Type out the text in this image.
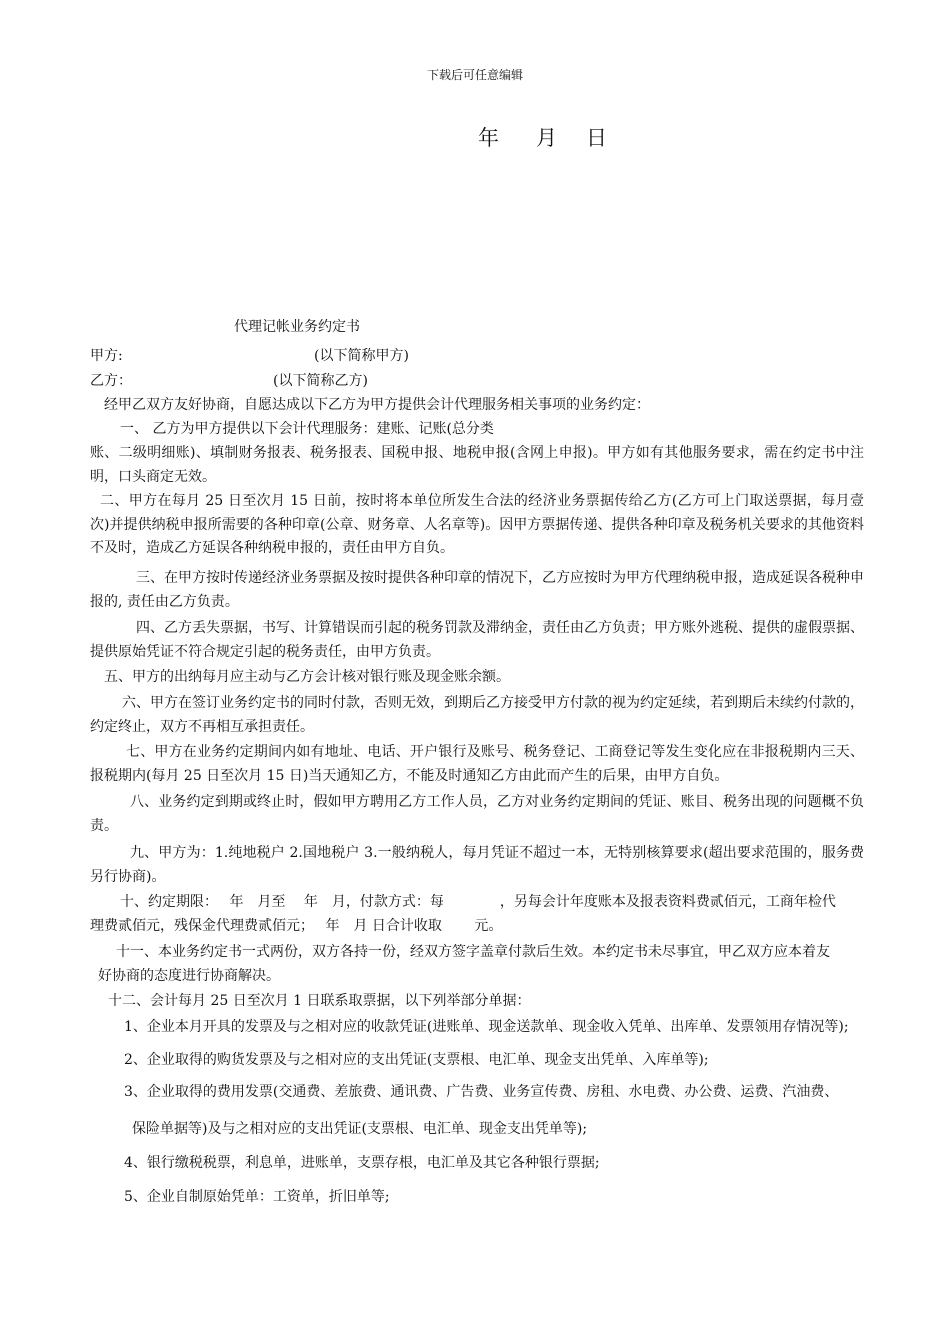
下载后可任意编辑
年 月 日
代理记帐业务约定书
甲方:	(以下简称甲方)
乙方：	(以下简称乙方)
经甲乙双方友好协商，自愿达成以下乙方为甲方提供会计代理服务相关事项的业务约定：
一、 乙方为甲方提供以下会计代理服务：建账、记账(总分类
账、二级明细账)、填制财务报表、税务报表、国税申报、地税申报(含网上申报)。甲方如有其他服务要求，需在约定书中注明，口头商定无效。
二、甲方在每月 25 日至次月 15 日前，按时将本单位所发生合法的经济业务票据传给乙方(乙方可上门取送票据，每月壹次)并提供纳税申报所需要的各种印章(公章、财务章、人名章等)。因甲方票据传递、提供各种印章及税务机关要求的其他资料不及时，造成乙方延误各种纳税申报的，责任由甲方自负。
三、在甲方按时传递经济业务票据及按时提供各种印章的情况下，乙方应按时为甲方代理纳税申报，造成延误各税种申报的, 责任由乙方负责。
四、乙方丢失票据，书写、计算错误而引起的税务罚款及滞纳金，责任由乙方负责；甲方账外逃税、提供的虚假票据、提供原始凭证不符合规定引起的税务责任，由甲方负责。
五、甲方的出纳每月应主动与乙方会计核对银行账及现金账余额。
六、甲方在签订业务约定书的同时付款，否则无效，到期后乙方接受甲方付款的视为约定延续，若到期后未续约付款的，约定终止，双方不再相互承担责任。
七、甲方在业务约定期间内如有地址、电话、开户银行及账号、税务登记、工商登记等发生变化应在非报税期内三天、报税期内(每月 25 日至次月 15 日)当天通知乙方，不能及时通知乙方由此而产生的后果，由甲方自负。
八、业务约定到期或终止时，假如甲方聘用乙方工作人员，乙方对业务约定期间的凭证、账目、税务出现的问题概不负责。
九、甲方为：1.纯地税户 2.国地税户 3.一般纳税人，每月凭证不超过一本，无特别核算要求(超出要求范围的，服务费另行协商)。
十、约定期限：　 年　月至　 年　月，付款方式：每　　　　，另每会计年度账本及报表资料费贰佰元，工商年检代
理费贰佰元，残保金代理费贰佰元；　 年　月 日合计收取　　 元。
十一、本业务约定书一式两份，双方各持一份，经双方签字盖章付款后生效。本约定书未尽事宜，甲乙双方应本着友
好协商的态度进行协商解决。
十二、会计每月 25 日至次月 1 日联系取票据，以下列举部分单据：
1、企业本月开具的发票及与之相对应的收款凭证(进账单、现金送款单、现金收入凭单、出库单、发票领用存情况等);
2、企业取得的购货发票及与之相对应的支出凭证(支票根、电汇单、现金支出凭单、入库单等);
3、企业取得的费用发票(交通费、差旅费、通讯费、广告费、业务宣传费、房租、水电费、办公费、运费、汽油费、
保险单据等)及与之相对应的支出凭证(支票根、电汇单、现金支出凭单等);
4、银行缴税税票，利息单，进账单，支票存根，电汇单及其它各种银行票据;
5、企业自制原始凭单：工资单，折旧单等;
